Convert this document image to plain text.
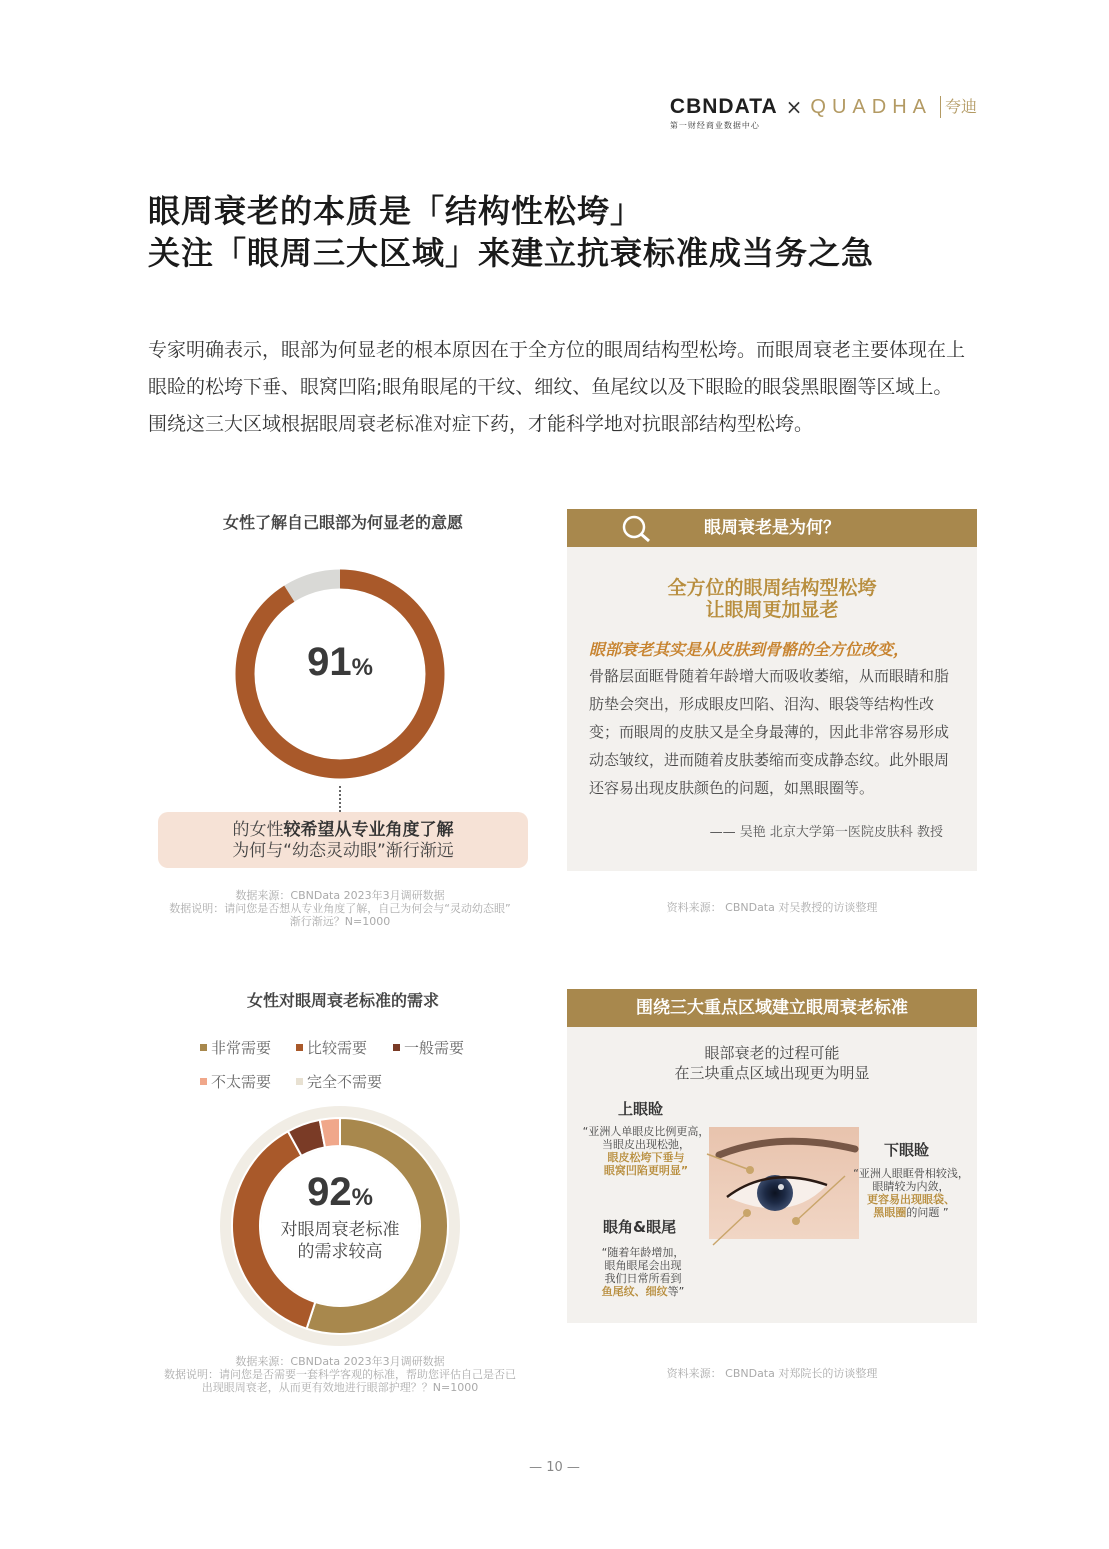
CBNDATA
第一财经商业数据中心
× QUADHA 夸迪
眼周衰老的本质是「结构性松垮」
关注「眼周三大区域」来建立抗衰标准成当务之急
专家明确表示，眼部为何显老的根本原因在于全方位的眼周结构型松垮。而眼周衰老主要体现在上眼睑的松垮下垂、眼窝凹陷;眼角眼尾的干纹、细纹、鱼尾纹以及下眼睑的眼袋黑眼圈等区域上。围绕这三大区域根据眼周衰老标准对症下药，才能科学地对抗眼部结构型松垮。
女性了解自己眼部为何显老的意愿
91%
的女性较希望从专业角度了解
为何与“幼态灵动眼”渐行渐远
数据来源：CBNData 2023年3月调研数据
数据说明：请问您是否想从专业角度了解，自己为何会与“灵动幼态眼”
渐行渐远？N=1000
眼周衰老是为何？
全方位的眼周结构型松垮
让眼周更加显老
眼部衰老其实是从皮肤到骨骼的全方位改变，
骨骼层面眶骨随着年龄增大而吸收萎缩，从而眼睛和脂肪垫会突出，形成眼皮凹陷、泪沟、眼袋等结构性改变；而眼周的皮肤又是全身最薄的，因此非常容易形成动态皱纹，进而随着皮肤萎缩而变成静态纹。此外眼周还容易出现皮肤颜色的问题，如黑眼圈等。
—— 吴艳 北京大学第一医院皮肤科 教授
资料来源： CBNData 对吴教授的访谈整理
女性对眼周衰老标准的需求
非常需要 比较需要 一般需要
不太需要 完全不需要
92%
对眼周衰老标准
的需求较高
数据来源：CBNData 2023年3月调研数据
数据说明：请问您是否需要一套科学客观的标准，帮助您评估自己是否已
出现眼周衰老，从而更有效地进行眼部护理？？N=1000
围绕三大重点区域建立眼周衰老标准
眼部衰老的过程可能
在三块重点区域出现更为明显
上眼睑
“亚洲人单眼皮比例更高，
当眼皮出现松弛，
眼皮松垮下垂与
眼窝凹陷更明显”
下眼睑
“亚洲人眼眶骨相较浅，
眼睛较为内敛，
更容易出现眼袋、
黑眼圈的问题 ”
眼角&眼尾
“随着年龄增加，
眼角眼尾会出现
我们日常所看到
鱼尾纹、细纹等”
资料来源： CBNData 对郑院长的访谈整理
— 10 —
